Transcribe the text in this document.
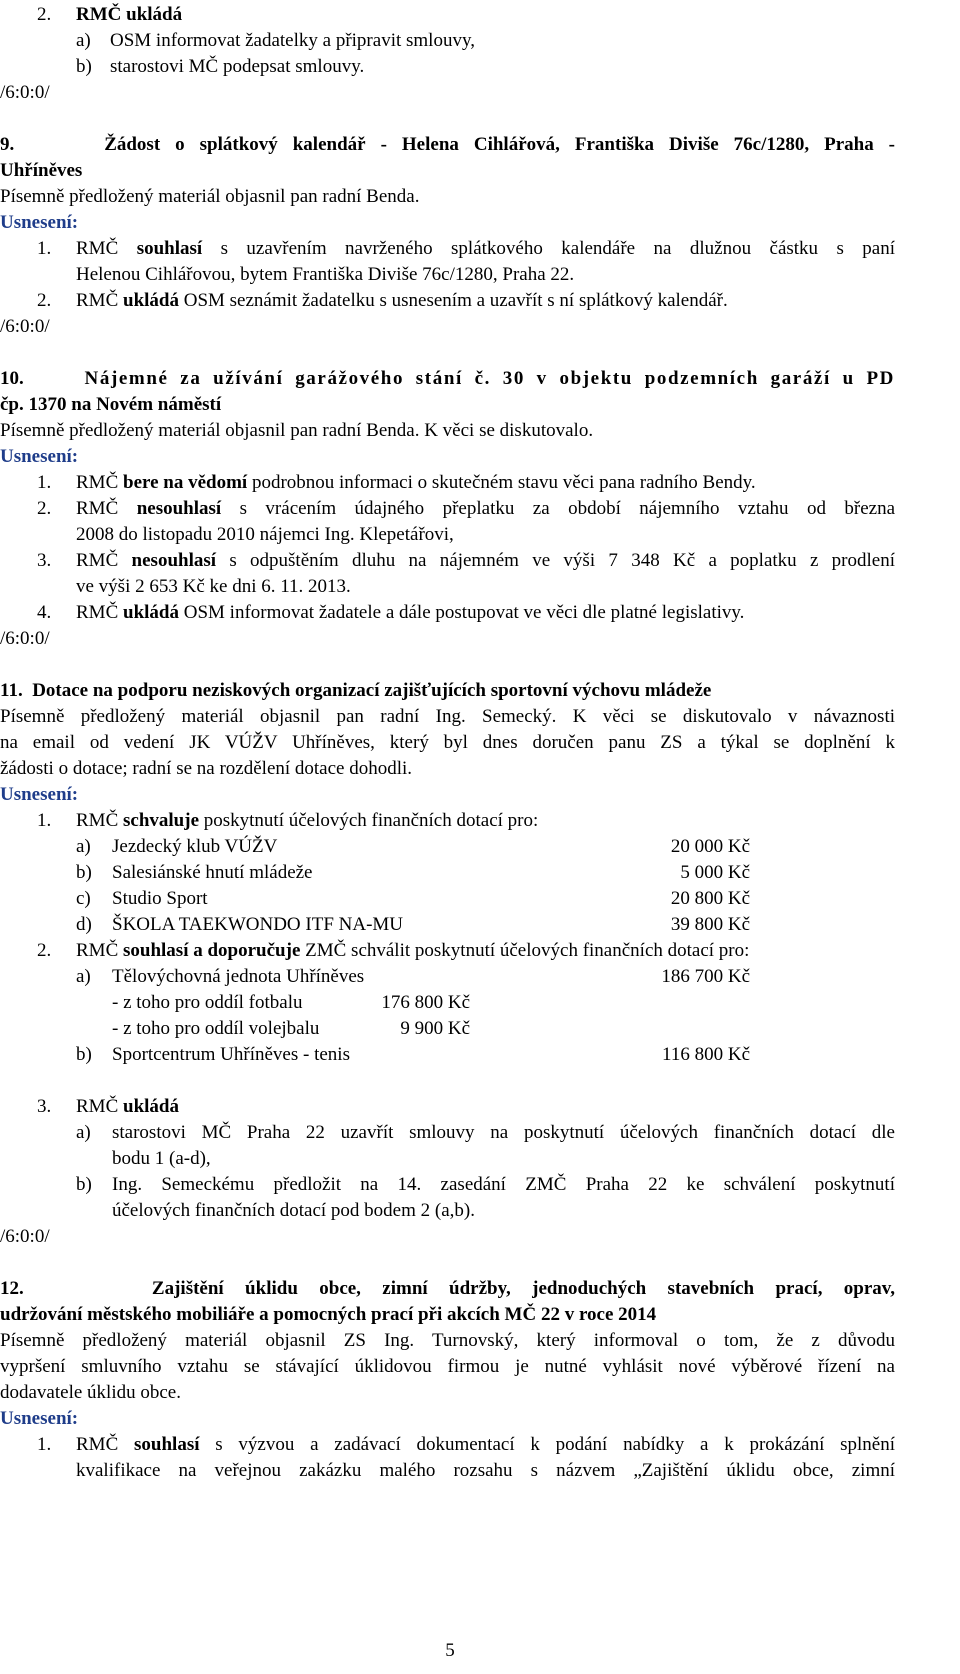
2. RMČ ukládá
a) OSM informovat žadatelky a připravit smlouvy,
b) starostovi MČ podepsat smlouvy.
/6:0:0/
9.	Žádost o splátkový kalendář - Helena Cihlářová, Františka Diviše 76c/1280, Praha -
Uhříněves
Písemně předložený materiál objasnil pan radní Benda.
Usnesení:
1. RMČ souhlasí s uzavřením navrženého splátkového kalendáře na dlužnou částku s paní
Helenou Cihlářovou, bytem Františka Diviše 76c/1280, Praha 22.
2. RMČ ukládá OSM seznámit žadatelku s usnesením a uzavřít s ní splátkový kalendář.
/6:0:0/
10.	Nájemné za užívání garážového stání č. 30 v objektu podzemních garáží u PD
čp. 1370 na Novém náměstí
Písemně předložený materiál objasnil pan radní Benda. K věci se diskutovalo.
Usnesení:
1. RMČ bere na vědomí podrobnou informaci o skutečném stavu věci pana radního Bendy.
2. RMČ nesouhlasí s vrácením údajného přeplatku za období nájemního vztahu od března
2008 do listopadu 2010 nájemci Ing. Klepetářovi,
3. RMČ nesouhlasí s odpuštěním dluhu na nájemném ve výši 7 348 Kč a poplatku z prodlení
ve výši 2 653 Kč ke dni 6. 11. 2013.
4. RMČ ukládá OSM informovat žadatele a dále postupovat ve věci dle platné legislativy.
/6:0:0/
11. Dotace na podporu neziskových organizací zajišťujících sportovní výchovu mládeže
Písemně předložený materiál objasnil pan radní Ing. Semecký. K věci se diskutovalo v návaznosti
na email od vedení JK VÚŽV Uhříněves, který byl dnes doručen panu ZS a týkal se doplnění k
žádosti o dotace; radní se na rozdělení dotace dohodli.
Usnesení:
1. RMČ schvaluje poskytnutí účelových finančních dotací pro:
a) Jezdecký klub VÚŽV	20 000 Kč
b) Salesiánské hnutí mládeže	5 000 Kč
c) Studio Sport	20 800 Kč
d) ŠKOLA TAEKWONDO ITF NA-MU	39 800 Kč
2. RMČ souhlasí a doporučuje ZMČ schválit poskytnutí účelových finančních dotací pro:
a) Tělovýchovná jednota Uhříněves	186 700 Kč
- z toho pro oddíl fotbalu	176 800 Kč
- z toho pro oddíl volejbalu	9 900 Kč
b) Sportcentrum Uhříněves - tenis	116 800 Kč
3. RMČ ukládá
a) starostovi MČ Praha 22 uzavřít smlouvy na poskytnutí účelových finančních dotací dle
bodu 1 (a-d),
b) Ing. Semeckému předložit na 14. zasedání ZMČ Praha 22 ke schválení poskytnutí
účelových finančních dotací pod bodem 2 (a,b).
/6:0:0/
12.	Zajištění úklidu obce, zimní údržby, jednoduchých stavebních prací, oprav,
udržování městského mobiliáře a pomocných prací při akcích MČ 22 v roce 2014
Písemně předložený materiál objasnil ZS Ing. Turnovský, který informoval o tom, že z důvodu
vypršení smluvního vztahu se stávající úklidovou firmou je nutné vyhlásit nové výběrové řízení na
dodavatele úklidu obce.
Usnesení:
1. RMČ souhlasí s výzvou a zadávací dokumentací k podání nabídky a k prokázání splnění
kvalifikace na veřejnou zakázku malého rozsahu s názvem „Zajištění úklidu obce, zimní
5
